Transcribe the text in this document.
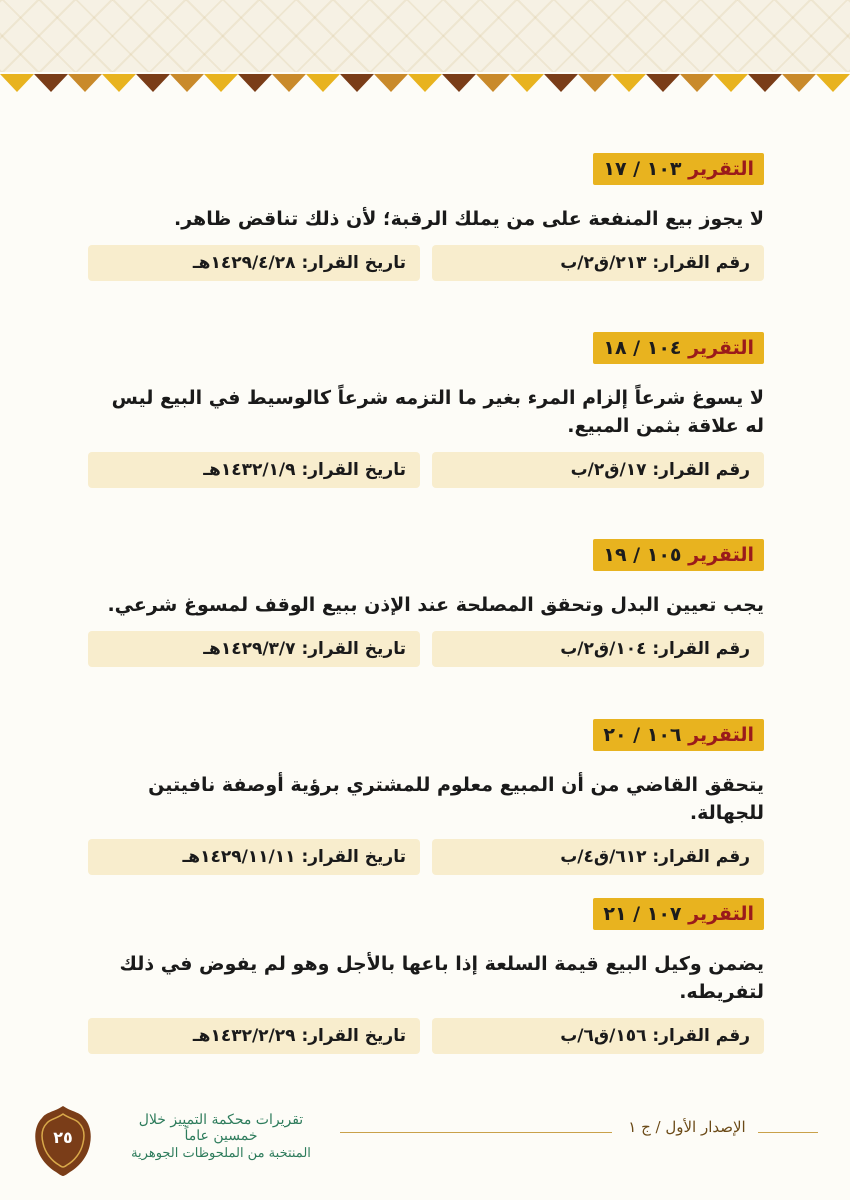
التقرير ١٠٣ / ١٧
لا يجوز بيع المنفعة على من يملك الرقبة؛ لأن ذلك تناقض ظاهر.
رقم القرار: ٢١٣/ق٢/ب
تاريخ القرار: ١٤٢٩/٤/٢٨هـ
التقرير ١٠٤ / ١٨
لا يسوغ شرعاً إلزام المرء بغير ما التزمه شرعاً كالوسيط في البيع ليس له علاقة بثمن المبيع.
رقم القرار: ١٧/ق٢/ب
تاريخ القرار: ١٤٣٢/١/٩هـ
التقرير ١٠٥ / ١٩
يجب تعيين البدل وتحقق المصلحة عند الإذن ببيع الوقف لمسوغ شرعي.
رقم القرار: ١٠٤/ق٢/ب
تاريخ القرار: ١٤٢٩/٣/٧هـ
التقرير ١٠٦ / ٢٠
يتحقق القاضي من أن المبيع معلوم للمشتري برؤية أوصفة نافيتين للجهالة.
رقم القرار: ٦١٢/ق٤/ب
تاريخ القرار: ١٤٢٩/١١/١١هـ
التقرير ١٠٧ / ٢١
يضمن وكيل البيع قيمة السلعة إذا باعها بالأجل وهو لم يفوض في ذلك لتفريطه.
رقم القرار: ١٥٦/ق٦/ب
تاريخ القرار: ١٤٣٢/٢/٢٩هـ
الإصدار الأول / ج ١
تقريرات محكمة التمييز خلال خمسين عاماً
المنتخبة من الملحوظات الجوهرية
٢٥
